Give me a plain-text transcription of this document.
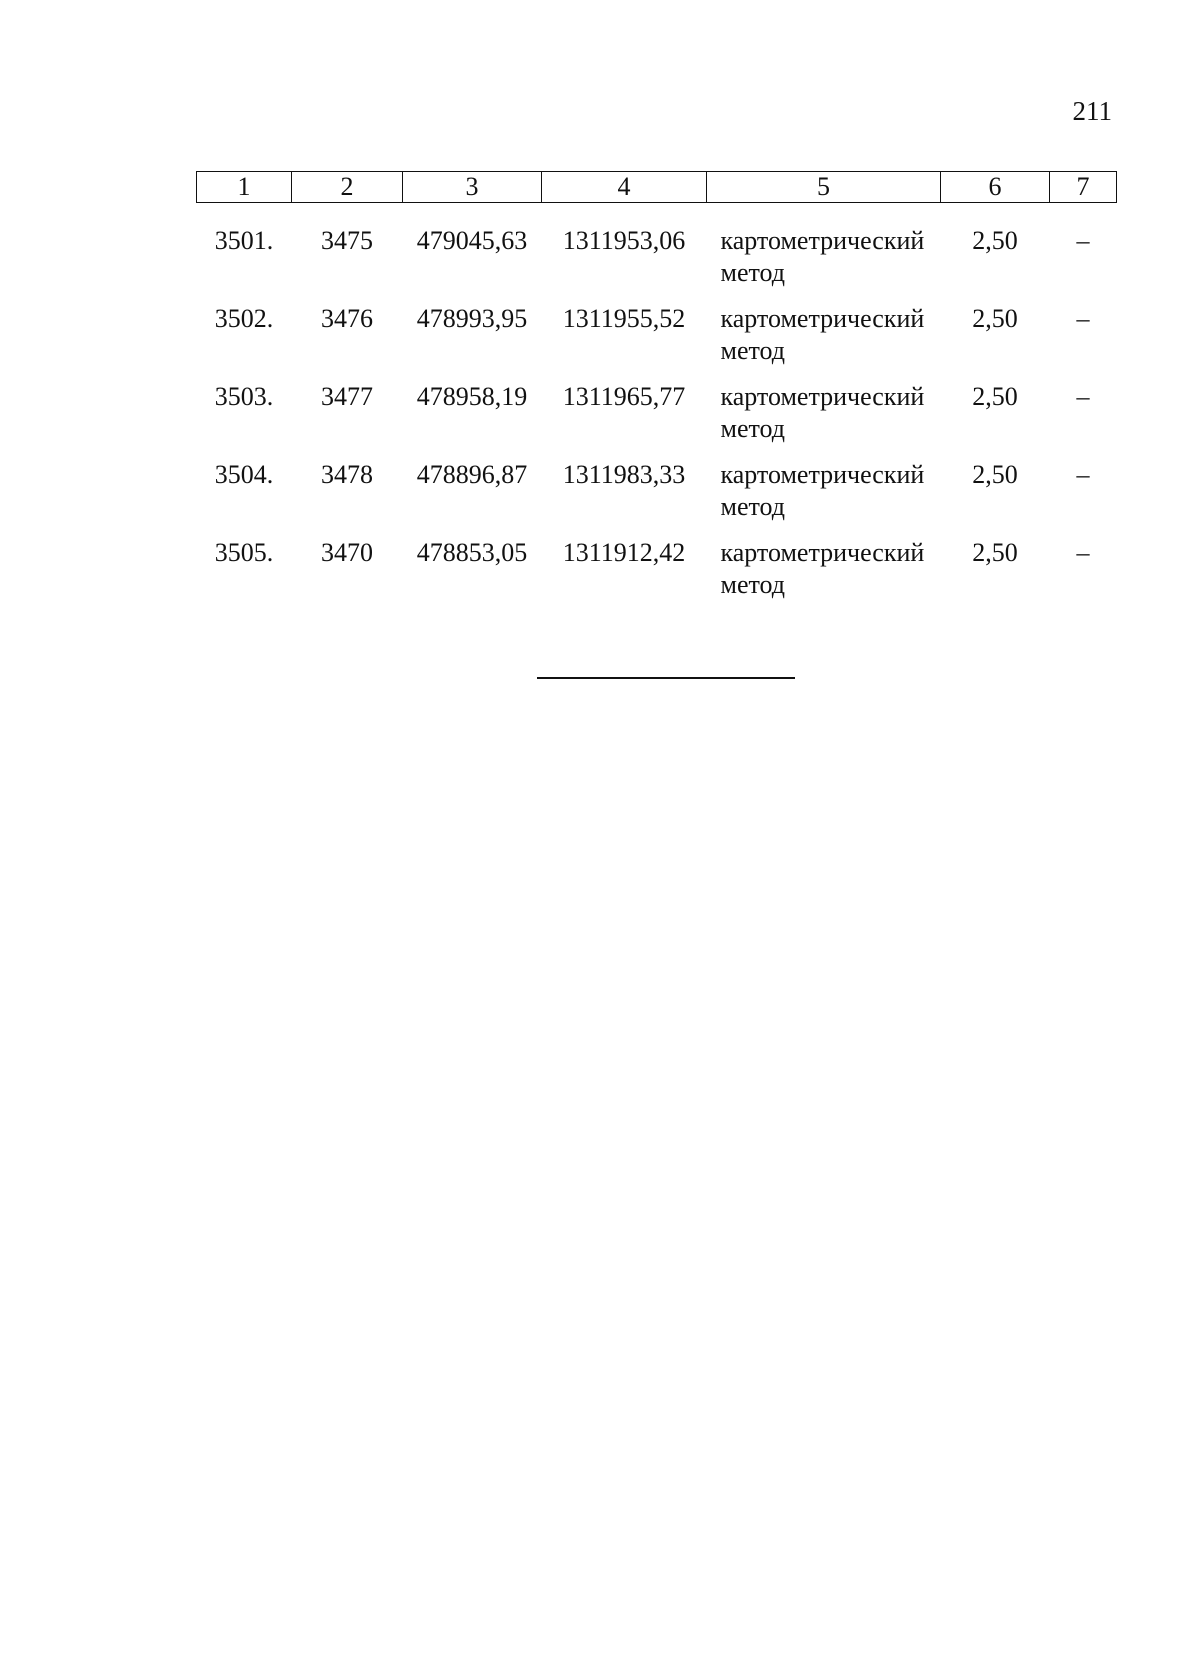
211
1	2	3	4	5	6	7
3501.	3475	479045,63	1311953,06	картометрический метод	2,50	–
3502.	3476	478993,95	1311955,52	картометрический метод	2,50	–
3503.	3477	478958,19	1311965,77	картометрический метод	2,50	–
3504.	3478	478896,87	1311983,33	картометрический метод	2,50	–
3505.	3470	478853,05	1311912,42	картометрический метод	2,50	–
